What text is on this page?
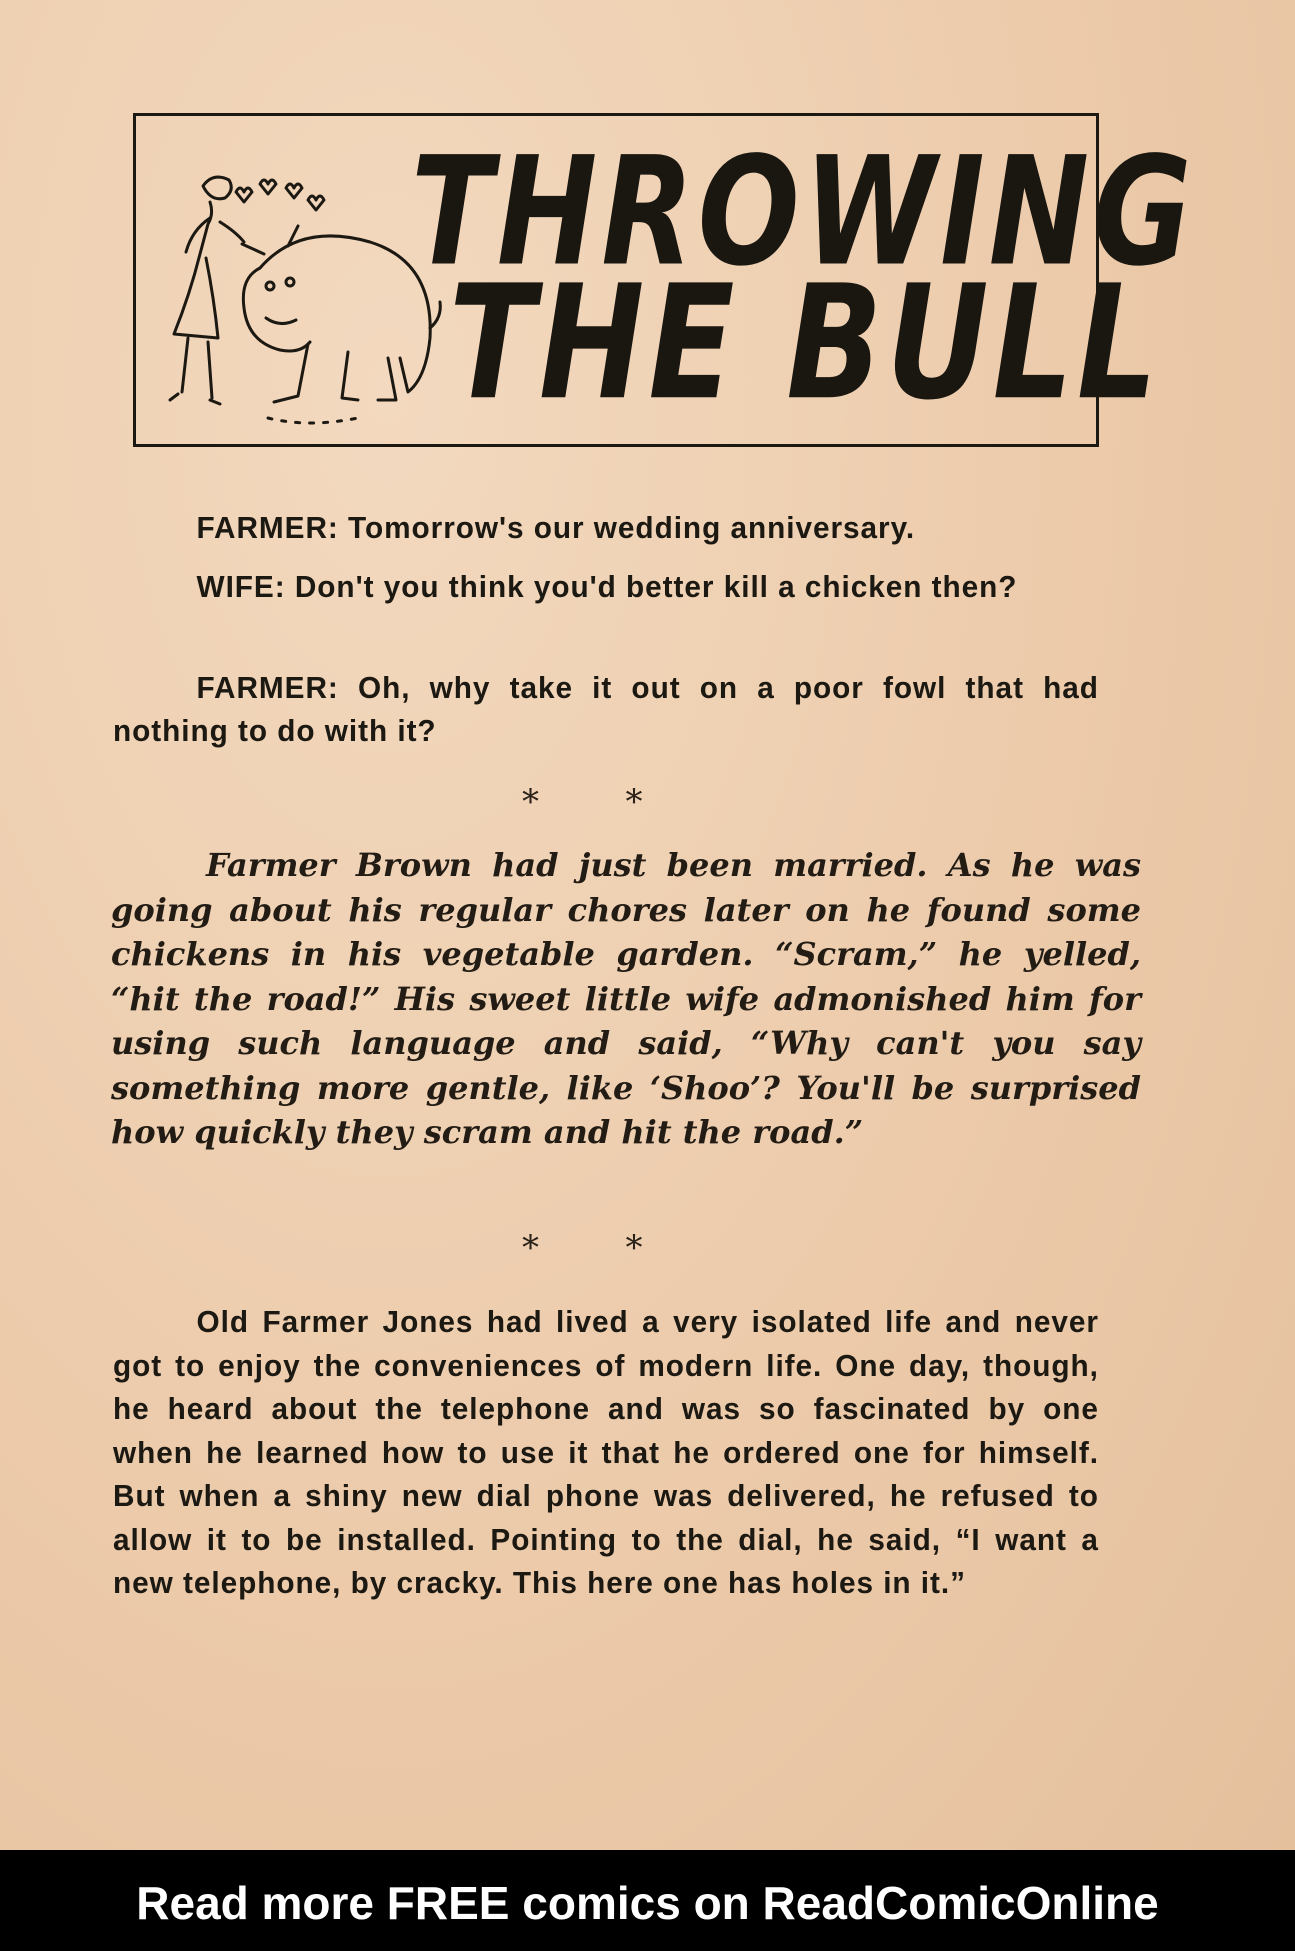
THROWING
THE BULL
FARMER: Tomorrow's our wedding anniversary.
WIFE: Don't you think you'd better kill a chicken then?
FARMER: Oh, why take it out on a poor fowl that had nothing to do with it?
*        *
Farmer Brown had just been married. As he was going about his regular chores later on he found some chickens in his vegetable garden. “Scram,” he yelled, “hit the road!” His sweet little wife admonished him for using such language and said, “Why can't you say something more gentle, like ‘Shoo’? You'll be surprised how quickly they scram and hit the road.”
*        *
Old Farmer Jones had lived a very isolated life and never got to enjoy the conveniences of modern life. One day, though, he heard about the telephone and was so fascinated by one when he learned how to use it that he ordered one for himself. But when a shiny new dial phone was delivered, he refused to allow it to be installed. Pointing to the dial, he said, “I want a new telephone, by cracky. This here one has holes in it.”
Read more FREE comics on ReadComicOnline
